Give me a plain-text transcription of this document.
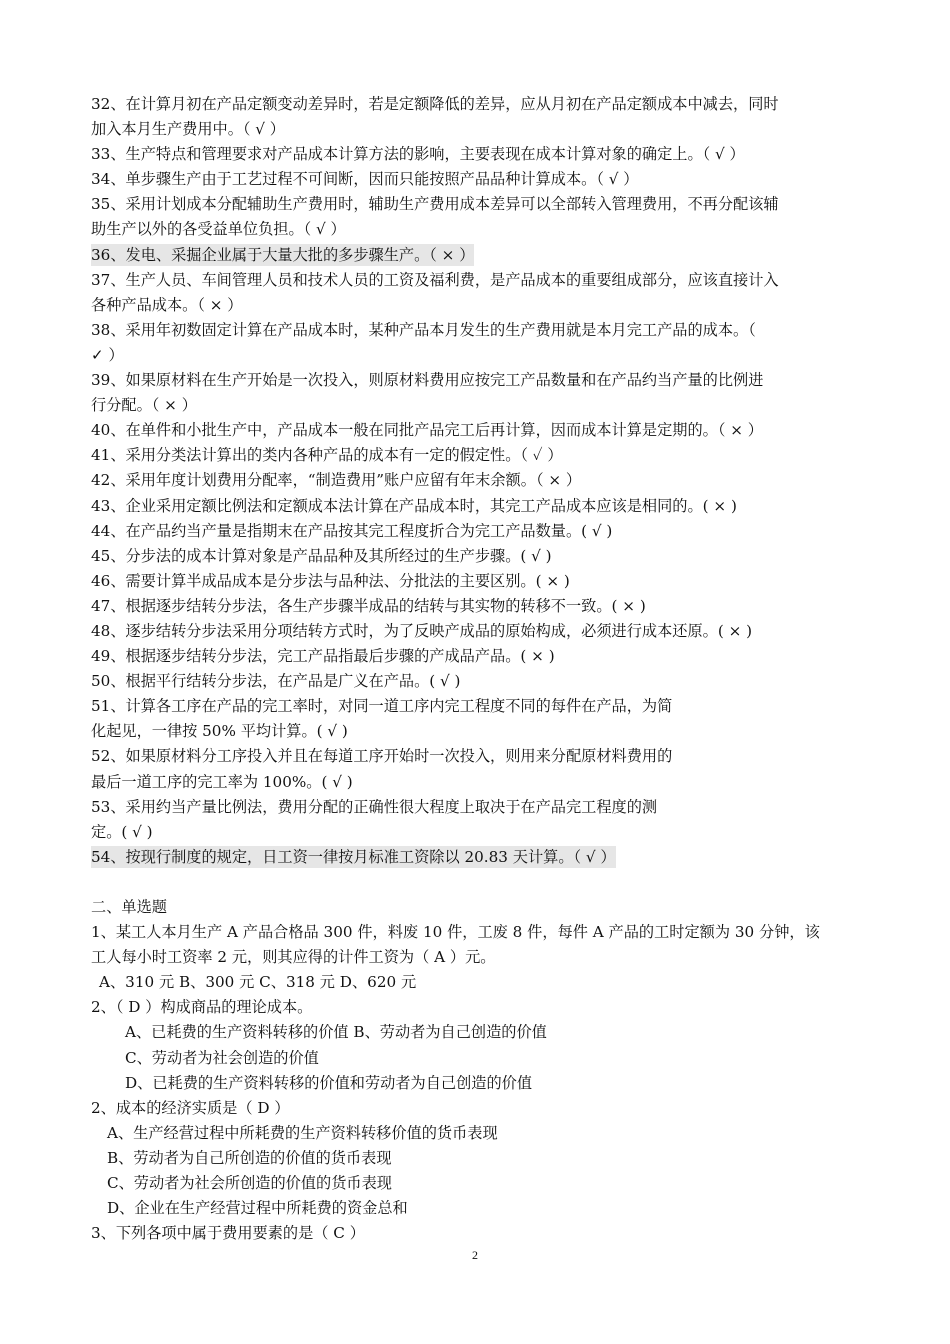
32、在计算月初在产品定额变动差异时，若是定额降低的差异，应从月初在产品定额成本中减去，同时
加入本月生产费用中。（ √ ）
33、生产特点和管理要求对产品成本计算方法的影响，主要表现在成本计算对象的确定上。（ √ ）
34、单步骤生产由于工艺过程不可间断，因而只能按照产品品种计算成本。（ √ ）
35、采用计划成本分配辅助生产费用时，辅助生产费用成本差异可以全部转入管理费用，不再分配该辅
助生产以外的各受益单位负担。（ √ ）
36、发电、采掘企业属于大量大批的多步骤生产。（ × ）
37、生产人员、车间管理人员和技术人员的工资及福利费，是产品成本的重要组成部分，应该直接计入
各种产品成本。（ × ）
38、采用年初数固定计算在产品成本时，某种产品本月发生的生产费用就是本月完工产品的成本。（
✓ ）
39、如果原材料在生产开始是一次投入，则原材料费用应按完工产品数量和在产品约当产量的比例进
行分配。（ × ）
40、在单件和小批生产中，产品成本一般在同批产品完工后再计算，因而成本计算是定期的。（ × ）
41、采用分类法计算出的类内各种产品的成本有一定的假定性。（ ✓ ）
42、采用年度计划费用分配率，“制造费用”账户应留有年末余额。（ × ）
43、企业采用定额比例法和定额成本法计算在产品成本时，其完工产品成本应该是相同的。( × )
44、在产品约当产量是指期末在产品按其完工程度折合为完工产品数量。( √ )
45、分步法的成本计算对象是产品品种及其所经过的生产步骤。( √ )
46、需要计算半成品成本是分步法与品种法、分批法的主要区别。( × )
47、根据逐步结转分步法，各生产步骤半成品的结转与其实物的转移不一致。( × )
48、逐步结转分步法采用分项结转方式时，为了反映产成品的原始构成，必须进行成本还原。( × )
49、根据逐步结转分步法，完工产品指最后步骤的产成品产品。( × )
50、根据平行结转分步法，在产品是广义在产品。( √ )
51、计算各工序在产品的完工率时，对同一道工序内完工程度不同的每件在产品，为简
化起见，一律按 50% 平均计算。( √ )
52、如果原材料分工序投入并且在每道工序开始时一次投入，则用来分配原材料费用的
最后一道工序的完工率为 100%。( √ )
53、采用约当产量比例法，费用分配的正确性很大程度上取决于在产品完工程度的测
定。( √ )
54、按现行制度的规定，日工资一律按月标准工资除以 20.83 天计算。（ √ ）
二、单选题
1、某工人本月生产 A 产品合格品 300 件，料废 10 件，工废 8 件，每件 A 产品的工时定额为 30 分钟，该
工人每小时工资率 2 元，则其应得的计件工资为（ A ）元。
A、310 元 B、300 元 C、318 元 D、620 元
2、（ D ）构成商品的理论成本。
A、已耗费的生产资料转移的价值 B、劳动者为自己创造的价值
C、劳动者为社会创造的价值
D、已耗费的生产资料转移的价值和劳动者为自己创造的价值
2、成本的经济实质是（ D ）
A、生产经营过程中所耗费的生产资料转移价值的货币表现
B、劳动者为自己所创造的价值的货币表现
C、劳动者为社会所创造的价值的货币表现
D、企业在生产经营过程中所耗费的资金总和
3、下列各项中属于费用要素的是（ C ）
2
